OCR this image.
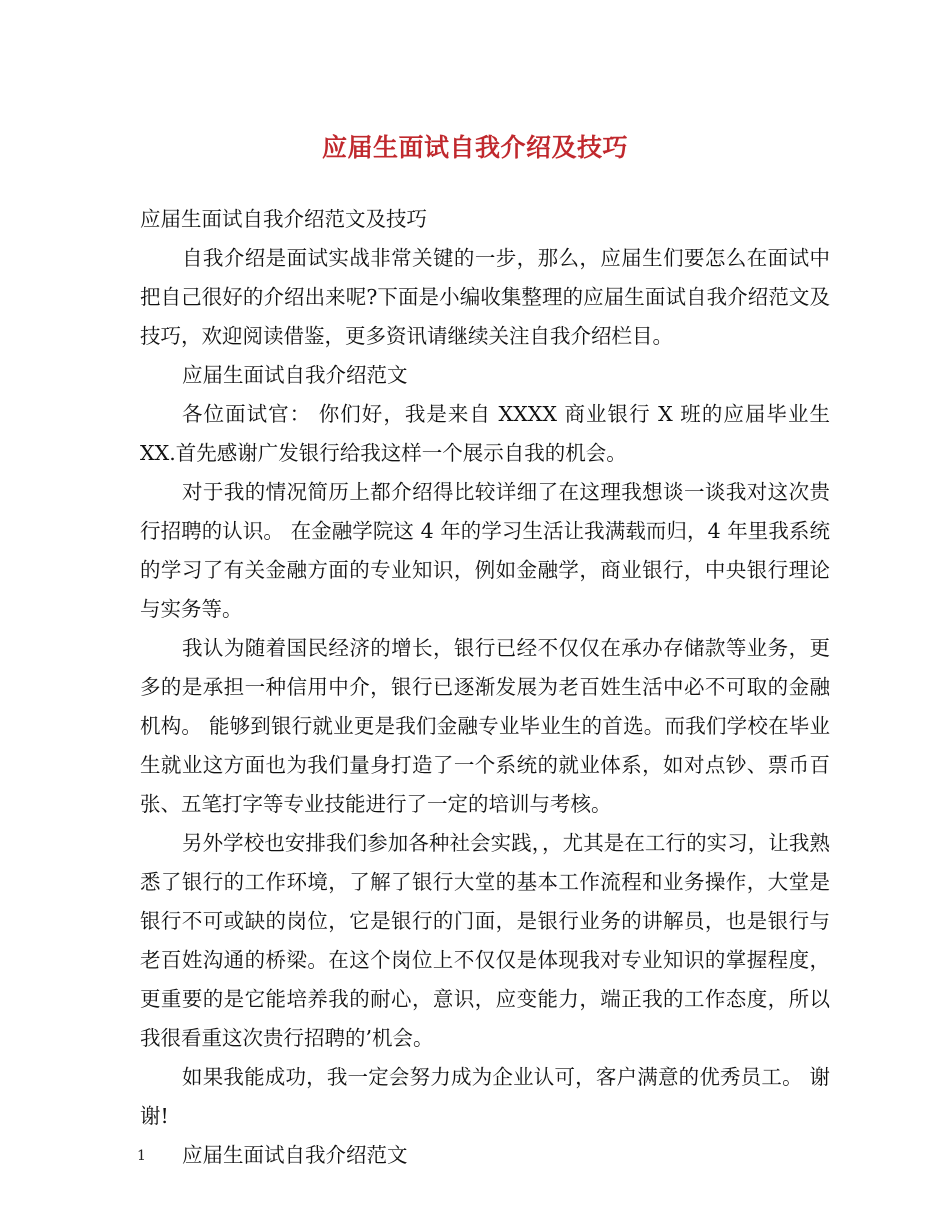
应届生面试自我介绍及技巧

应届生面试自我介绍范文及技巧

自我介绍是面试实战非常关键的一步，那么，应届生们要怎么在面试中把自己很好的介绍出来呢?下面是小编收集整理的应届生面试自我介绍范文及技巧，欢迎阅读借鉴，更多资讯请继续关注自我介绍栏目。

应届生面试自我介绍范文

各位面试官： 你们好，我是来自 XXXX 商业银行 X 班的应届毕业生 XX.首先感谢广发银行给我这样一个展示自我的机会。

对于我的情况简历上都介绍得比较详细了在这理我想谈一谈我对这次贵行招聘的认识。 在金融学院这 4 年的学习生活让我满载而归，4 年里我系统的学习了有关金融方面的专业知识，例如金融学，商业银行，中央银行理论与实务等。

我认为随着国民经济的增长，银行已经不仅仅在承办存储款等业务，更多的是承担一种信用中介，银行已逐渐发展为老百姓生活中必不可取的金融机构。 能够到银行就业更是我们金融专业毕业生的首选。而我们学校在毕业生就业这方面也为我们量身打造了一个系统的就业体系，如对点钞、票币百张、五笔打字等专业技能进行了一定的培训与考核。

另外学校也安排我们参加各种社会实践，，尤其是在工行的实习，让我熟悉了银行的工作环境，了解了银行大堂的基本工作流程和业务操作，大堂是银行不可或缺的岗位，它是银行的门面，是银行业务的讲解员，也是银行与老百姓沟通的桥梁。在这个岗位上不仅仅是体现我对专业知识的掌握程度，更重要的是它能培养我的耐心，意识，应变能力，端正我的工作态度，所以我很看重这次贵行招聘的’机会。

如果我能成功，我一定会努力成为企业认可，客户满意的优秀员工。 谢谢!

应届生面试自我介绍范文

1
